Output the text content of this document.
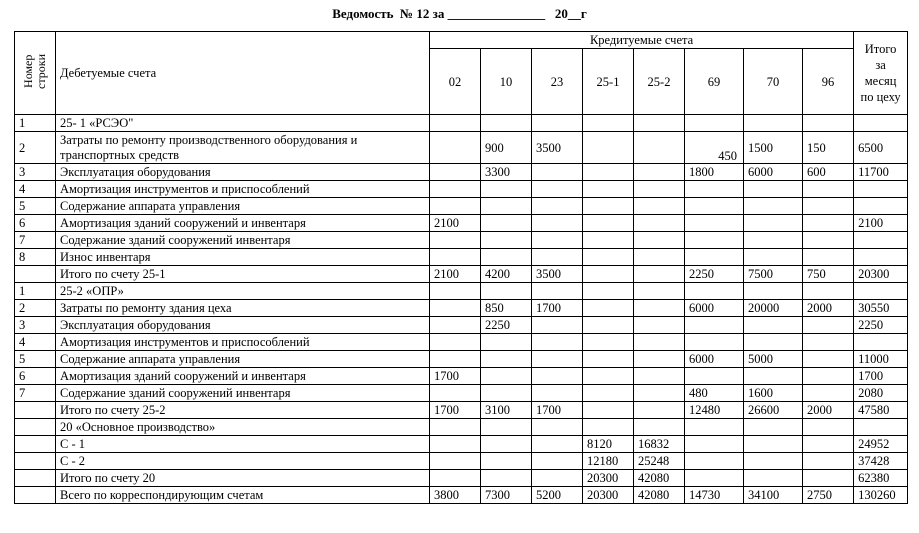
Ведомость  № 12 за _______________   20__г
Номер
строки	Дебетуемые счета	Кредитуемые счета								Итого за месяц по цеху
		02	10	23	25-1	25-2	69	70	96	
1	25- 1 «РСЭО"									
2	Затраты по ремонту производственного оборудования и транспортных средств		900	3500			450	1500	150	6500
3	Эксплуатация оборудования		3300				1800	6000	600	11700
4	Амортизация инструментов и приспособлений									
5	Содержание аппарата управления									
6	Амортизация зданий сооружений и инвентаря	2100								2100
7	Содержание зданий сооружений инвентаря									
8	Износ инвентаря									
	Итого по счету 25-1	2100	4200	3500			2250	7500	750	20300
1	25-2 «ОПР»									
2	Затраты по ремонту здания цеха		850	1700			6000	20000	2000	30550
3	Эксплуатация оборудования		2250							2250
4	Амортизация инструментов и приспособлений									
5	Содержание аппарата управления						6000	5000		11000
6	Амортизация зданий сооружений и инвентаря	1700								1700
7	Содержание зданий сооружений инвентаря						480	1600		2080
	Итого по счету 25-2	1700	3100	1700			12480	26600	2000	47580
	20 «Основное производство»									
	С - 1				8120	16832				24952
	С - 2				12180	25248				37428
	Итого по счету 20				20300	42080				62380
	Всего по корреспондирующим счетам	3800	7300	5200	20300	42080	14730	34100	2750	130260
